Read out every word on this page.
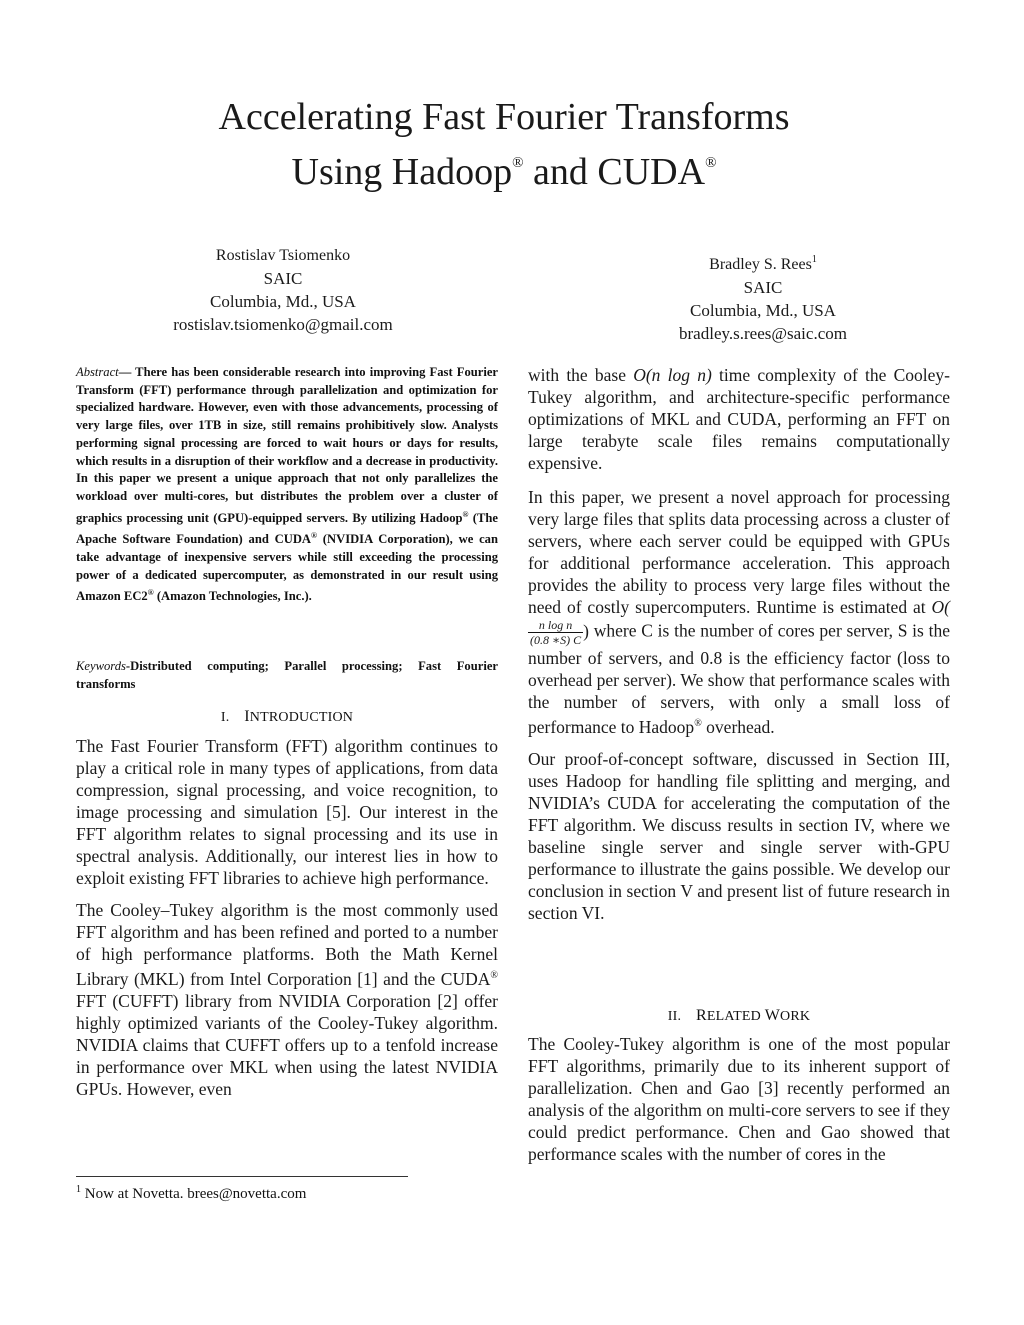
Accelerating Fast Fourier Transforms
Using Hadoop® and CUDA®
Rostislav Tsiomenko
SAIC
Columbia, Md., USA
rostislav.tsiomenko@gmail.com
Bradley S. Rees$^1$
SAIC
Columbia, Md., USA
bradley.s.rees@saic.com

Abstract— There has been considerable research into improving Fast Fourier Transform (FFT) performance through parallelization and optimization for specialized hardware. However, even with those advancements, processing of very large files, over 1TB in size, still remains prohibitively slow. Analysts performing signal processing are forced to wait hours or days for results, which results in a disruption of their workflow and a decrease in productivity. In this paper we present a unique approach that not only parallelizes the workload over multi-cores, but distributes the problem over a cluster of graphics processing unit (GPU)-equipped servers. By utilizing Hadoop® (The Apache Software Foundation) and CUDA® (NVIDIA Corporation), we can take advantage of inexpensive servers while still exceeding the processing power of a dedicated supercomputer, as demonstrated in our result using Amazon EC2® (Amazon Technologies, Inc.).

Keywords-Distributed computing; Parallel processing; Fast Fourier transforms
I. INTRODUCTION

The Fast Fourier Transform (FFT) algorithm continues to play a critical role in many types of applications, from data compression, signal processing, and voice recognition, to image processing and simulation [5]. Our interest in the FFT algorithm relates to signal processing and its use in spectral analysis. Additionally, our interest lies in how to exploit existing FFT libraries to achieve high performance.

The Cooley–Tukey algorithm is the most commonly used FFT algorithm and has been refined and ported to a number of high performance platforms. Both the Math Kernel Library (MKL) from Intel Corporation [1] and the CUDA® FFT (CUFFT) library from NVIDIA Corporation [2] offer highly optimized variants of the Cooley-Tukey algorithm. NVIDIA claims that CUFFT offers up to a tenfold increase in performance over MKL when using the latest NVIDIA GPUs. However, even

$^1$ Now at Novetta. brees@novetta.com

with the base O(n log n) time complexity of the Cooley-Tukey algorithm, and architecture-specific performance optimizations of MKL and CUDA, performing an FFT on large terabyte scale files remains computationally expensive.

In this paper, we present a novel approach for processing very large files that splits data processing across a cluster of servers, where each server could be equipped with GPUs for additional performance acceleration. This approach provides the ability to process very large files without the need of costly supercomputers. Runtime is estimated at O(
$\frac{\text{n log n}}{(0.8 ∗S) C}$ ) where C is the number of cores per server, S is the number of servers, and 0.8 is the efficiency factor (loss to overhead per server). We show that performance scales with the number of servers, with only a small loss of performance to Hadoop® overhead.

Our proof-of-concept software, discussed in Section III, uses Hadoop for handling file splitting and merging, and NVIDIA’s CUDA for accelerating the computation of the FFT algorithm. We discuss results in section IV, where we baseline single server and single server with-GPU performance to illustrate the gains possible. We develop our conclusion in section V and present list of future research in section VI.

II. RELATED WORK

The Cooley-Tukey algorithm is one of the most popular FFT algorithms, primarily due to its inherent support of parallelization. Chen and Gao [3] recently performed an analysis of the algorithm on multi-core servers to see if they could predict performance. Chen and Gao showed that performance scales with the number of cores in the
